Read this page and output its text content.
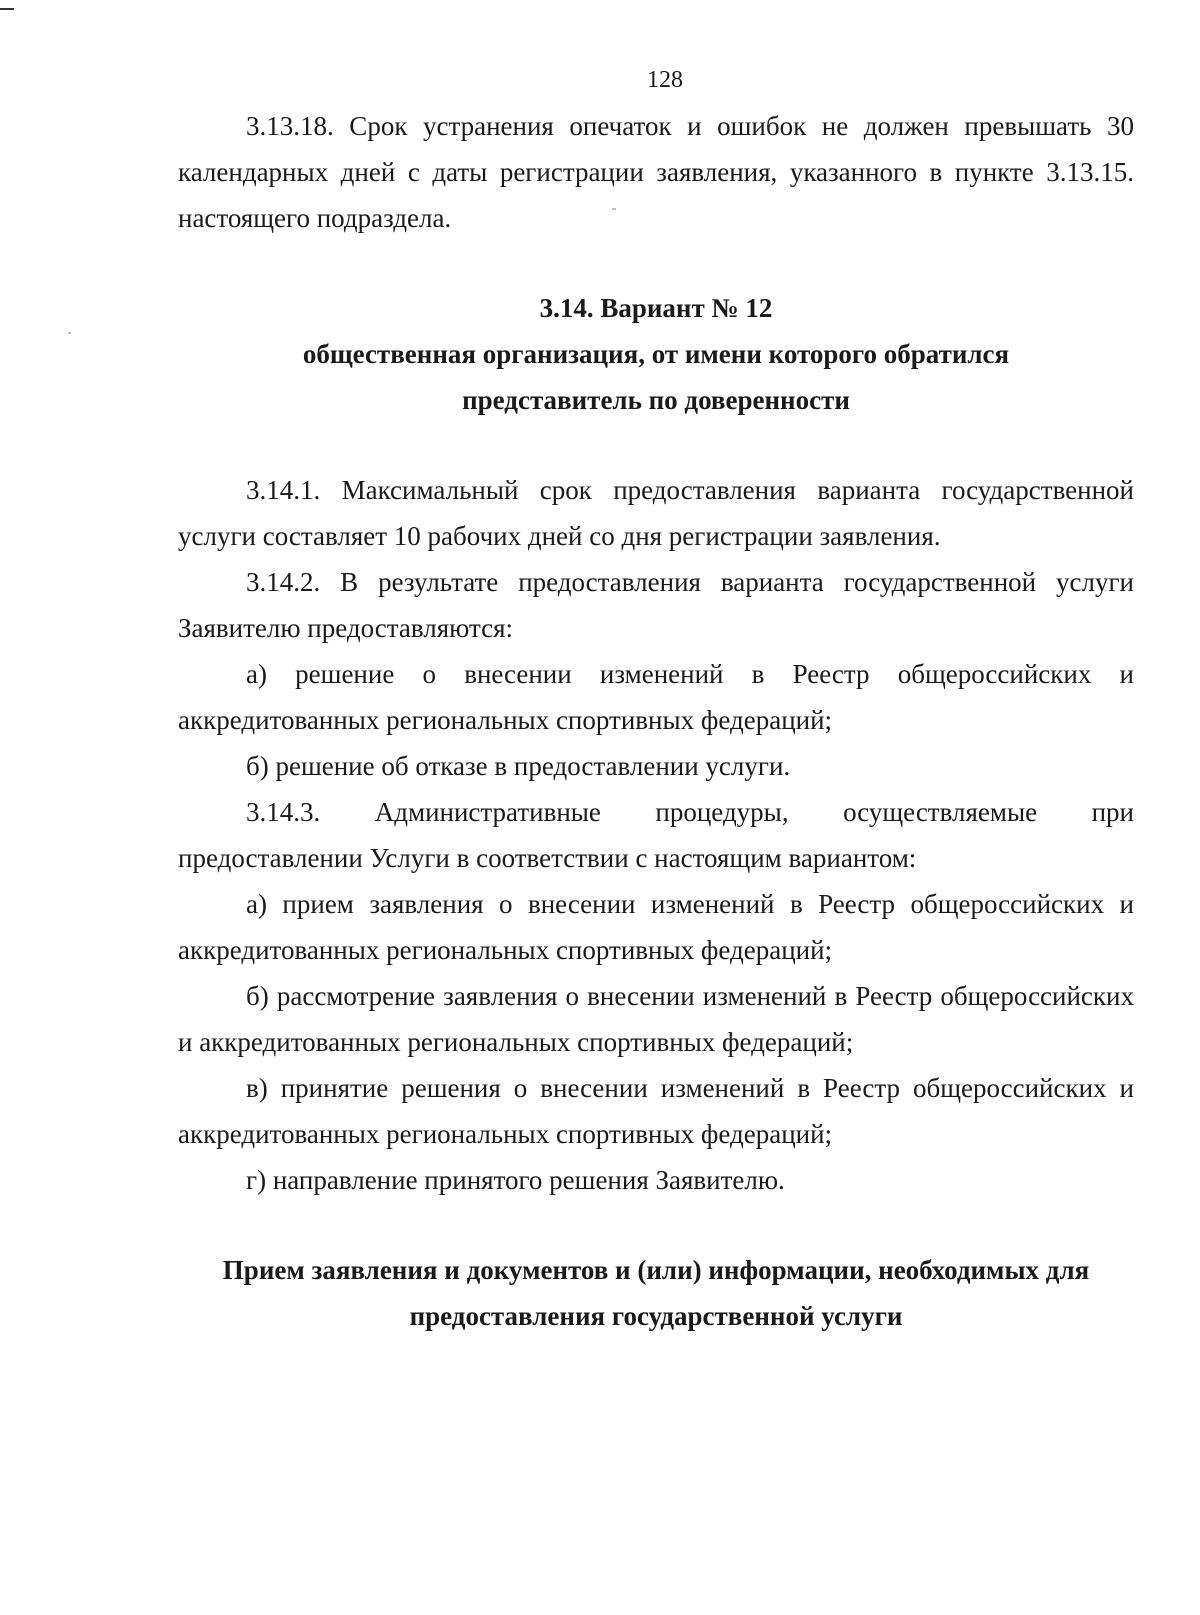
128

3.13.18. Срок устранения опечаток и ошибок не должен превышать 30 календарных дней с даты регистрации заявления, указанного в пункте 3.13.15. настоящего подраздела.

3.14. Вариант № 12
общественная организация, от имени которого обратился
представитель по доверенности

3.14.1. Максимальный срок предоставления варианта государственной услуги составляет 10 рабочих дней со дня регистрации заявления.

3.14.2. В результате предоставления варианта государственной услуги Заявителю предоставляются:

а) решение о внесении изменений в Реестр общероссийских и аккредитованных региональных спортивных федераций;

б) решение об отказе в предоставлении услуги.

3.14.3. Административные процедуры, осуществляемые при предоставлении Услуги в соответствии с настоящим вариантом:

а) прием заявления о внесении изменений в Реестр общероссийских и аккредитованных региональных спортивных федераций;

б) рассмотрение заявления о внесении изменений в Реестр общероссийских и аккредитованных региональных спортивных федераций;

в) принятие решения о внесении изменений в Реестр общероссийских и аккредитованных региональных спортивных федераций;

г) направление принятого решения Заявителю.

Прием заявления и документов и (или) информации, необходимых для
предоставления государственной услуги
